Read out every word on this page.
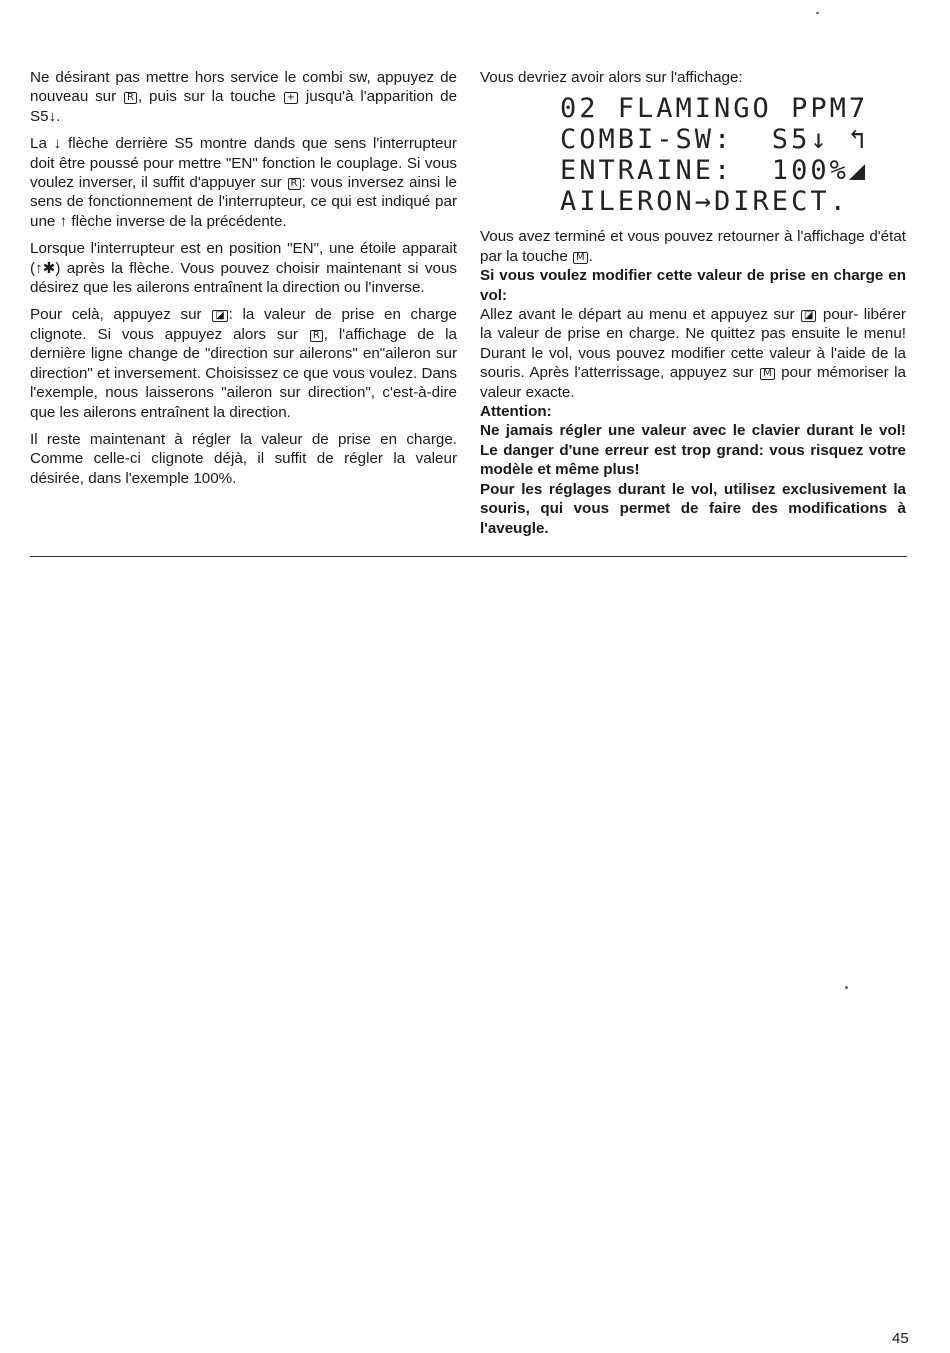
Ne désirant pas mettre hors service le combi sw, appuyez de nouveau sur R , puis sur la touche + jusqu'à l'apparition de S5↓.

La ↓ flèche derrière S5 montre dands que sens l'interrupteur doit être poussé pour mettre "EN" fonction le couplage. Si vous voulez inverser, il suffit d'appuyer sur R : vous inversez ainsi le sens de fonctionnement de l'interrupteur, ce qui est indiqué par une ↑ flèche inverse de la précédente.

Lorsque l'interrupteur est en position "EN", une étoile apparait (↑✱) après la flèche. Vous pouvez choisir maintenant si vous désirez que les ailerons entraînent la direction ou l'inverse.

Pour celà, appuyez sur ◪ : la valeur de prise en charge clignote. Si vous appuyez alors sur R , l'affichage de la dernière ligne change de "direction sur ailerons" en"aileron sur direction" et inversement. Choisissez ce que vous voulez. Dans l'exemple, nous laisserons "aileron sur direction", c'est-à-dire que les ailerons entraînent la direction.

Il reste maintenant à régler la valeur de prise en charge. Comme celle-ci clignote déjà, il suffit de régler la valeur désirée, dans l'exemple 100%.

Vous devriez avoir alors sur l'affichage:

02 FLAMINGO PPM7
COMBI-SW:  S5↓ ↰
ENTRAINE:  100%◢
AILERON→DIRECT.

Vous avez terminé et vous pouvez retourner à l'affichage d'état par la touche M .

Si vous voulez modifier cette valeur de prise en charge en vol:

Allez avant le départ au menu et appuyez sur ◪ pour- libérer la valeur de prise en charge. Ne quittez pas ensuite le menu! Durant le vol, vous pouvez modifier cette valeur à l'aide de la souris. Après l'atterrissage, appuyez sur M pour mémoriser la valeur exacte.

Attention:

Ne jamais régler une valeur avec le clavier durant le vol! Le danger d'une erreur est trop grand: vous risquez votre modèle et même plus!

Pour les réglages durant le vol, utilisez exclusivement la souris, qui vous permet de faire des modifications à l'aveugle.

45
